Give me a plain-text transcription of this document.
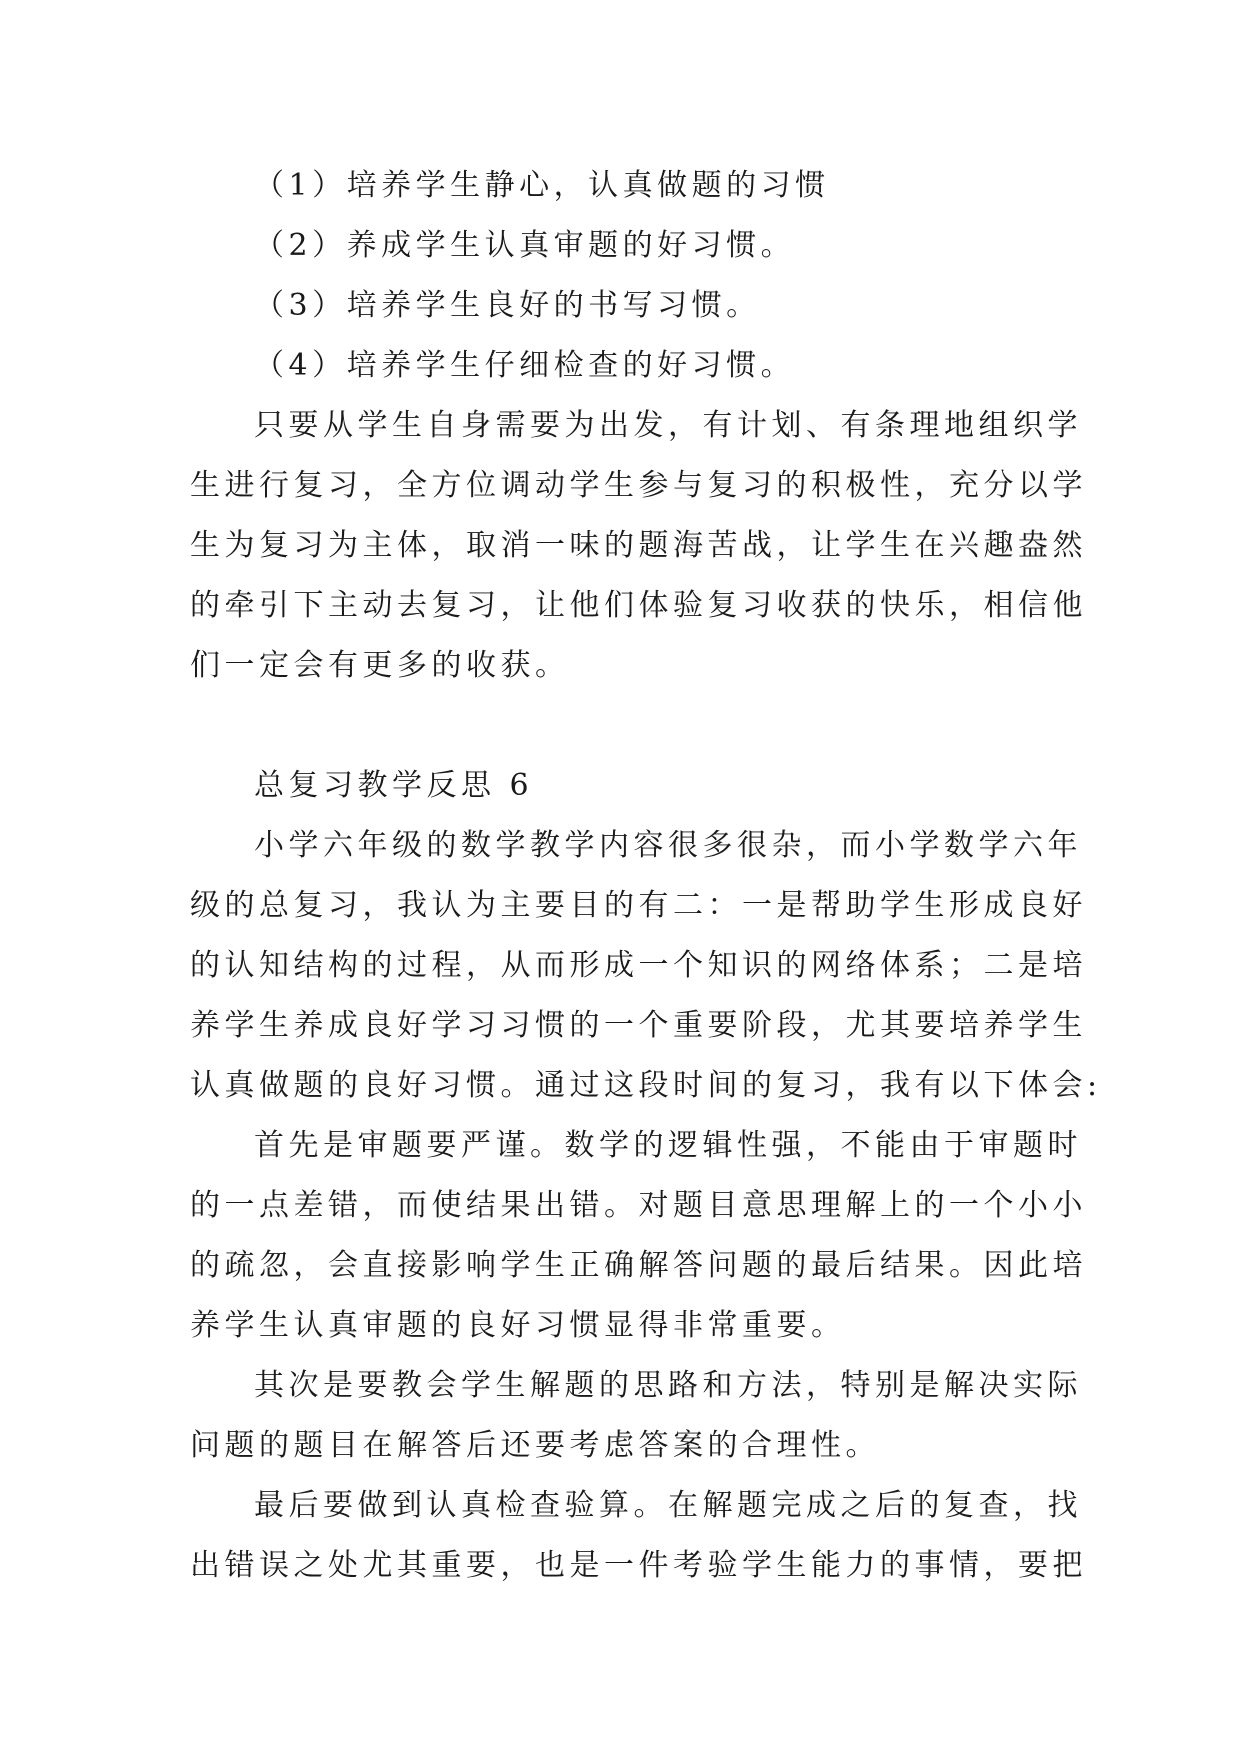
（1）培养学生静心，认真做题的习惯
（2）养成学生认真审题的好习惯。
（3）培养学生良好的书写习惯。
（4）培养学生仔细检查的好习惯。
只要从学生自身需要为出发，有计划、有条理地组织学
生进行复习，全方位调动学生参与复习的积极性，充分以学
生为复习为主体，取消一味的题海苦战，让学生在兴趣盎然
的牵引下主动去复习，让他们体验复习收获的快乐，相信他
们一定会有更多的收获。
总复习教学反思 6
小学六年级的数学教学内容很多很杂，而小学数学六年
级的总复习，我认为主要目的有二：一是帮助学生形成良好
的认知结构的过程，从而形成一个知识的网络体系；二是培
养学生养成良好学习习惯的一个重要阶段，尤其要培养学生
认真做题的良好习惯。通过这段时间的复习，我有以下体会:
首先是审题要严谨。数学的逻辑性强，不能由于审题时
的一点差错，而使结果出错。对题目意思理解上的一个小小
的疏忽，会直接影响学生正确解答问题的最后结果。因此培
养学生认真审题的良好习惯显得非常重要。
其次是要教会学生解题的思路和方法，特别是解决实际
问题的题目在解答后还要考虑答案的合理性。
最后要做到认真检查验算。在解题完成之后的复查，找
出错误之处尤其重要，也是一件考验学生能力的事情，要把
